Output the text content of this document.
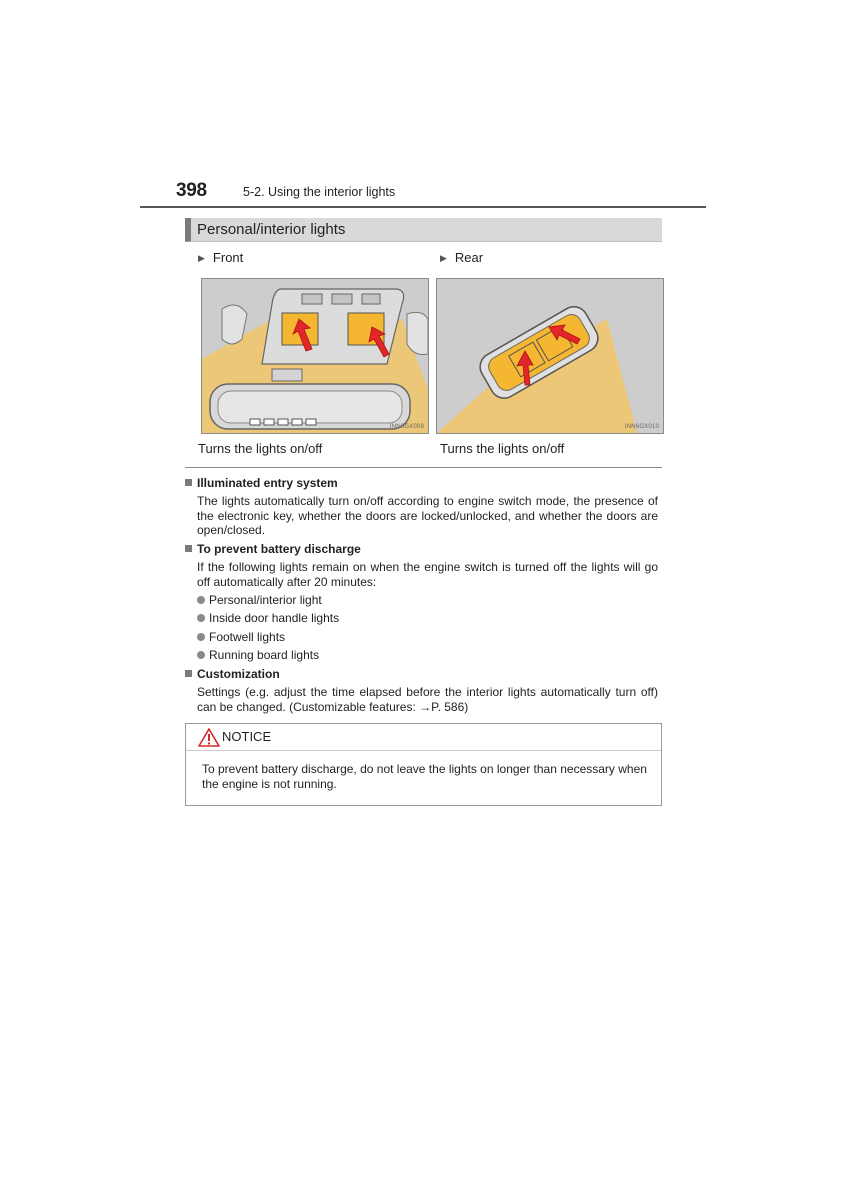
398	5-2. Using the interior lights
Personal/interior lights
▶ Front	▶ Rear
INN6GX008	INN6GX010
Turns the lights on/off	Turns the lights on/off
Illuminated entry system
The lights automatically turn on/off according to engine switch mode, the presence of the electronic key, whether the doors are locked/unlocked, and whether the doors are open/closed.
To prevent battery discharge
If the following lights remain on when the engine switch is turned off the lights will go off automatically after 20 minutes:
Personal/interior light
Inside door handle lights
Footwell lights
Running board lights
Customization
Settings (e.g. adjust the time elapsed before the interior lights automatically turn off) can be changed. (Customizable features: →P. 586)
NOTICE
To prevent battery discharge, do not leave the lights on longer than necessary when the engine is not running.
